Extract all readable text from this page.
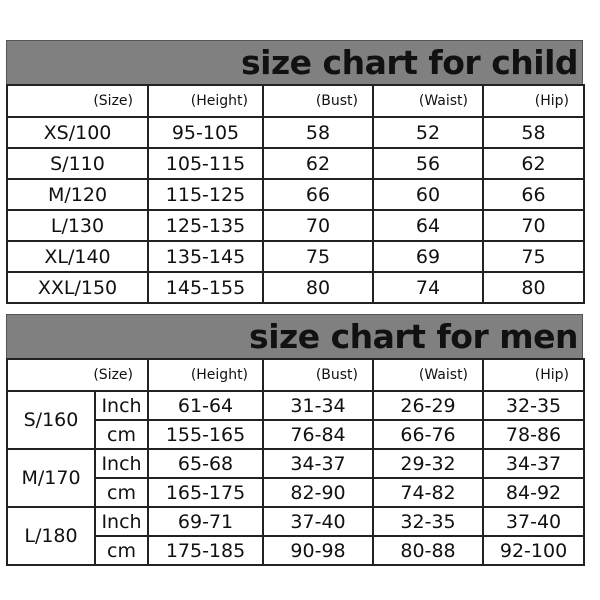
size chart for child
(Size)	(Height)	(Bust)	(Waist)	(Hip)
XS/100	95-105	58	52	58
S/110	105-115	62	56	62
M/120	115-125	66	60	66
L/130	125-135	70	64	70
XL/140	135-145	75	69	75
XXL/150	145-155	80	74	80
size chart for men
(Size)		(Height)	(Bust)	(Waist)	(Hip)
S/160	Inch	61-64	31-34	26-29	32-35
	cm	155-165	76-84	66-76	78-86
M/170	Inch	65-68	34-37	29-32	34-37
	cm	165-175	82-90	74-82	84-92
L/180	Inch	69-71	37-40	32-35	37-40
	cm	175-185	90-98	80-88	92-100
